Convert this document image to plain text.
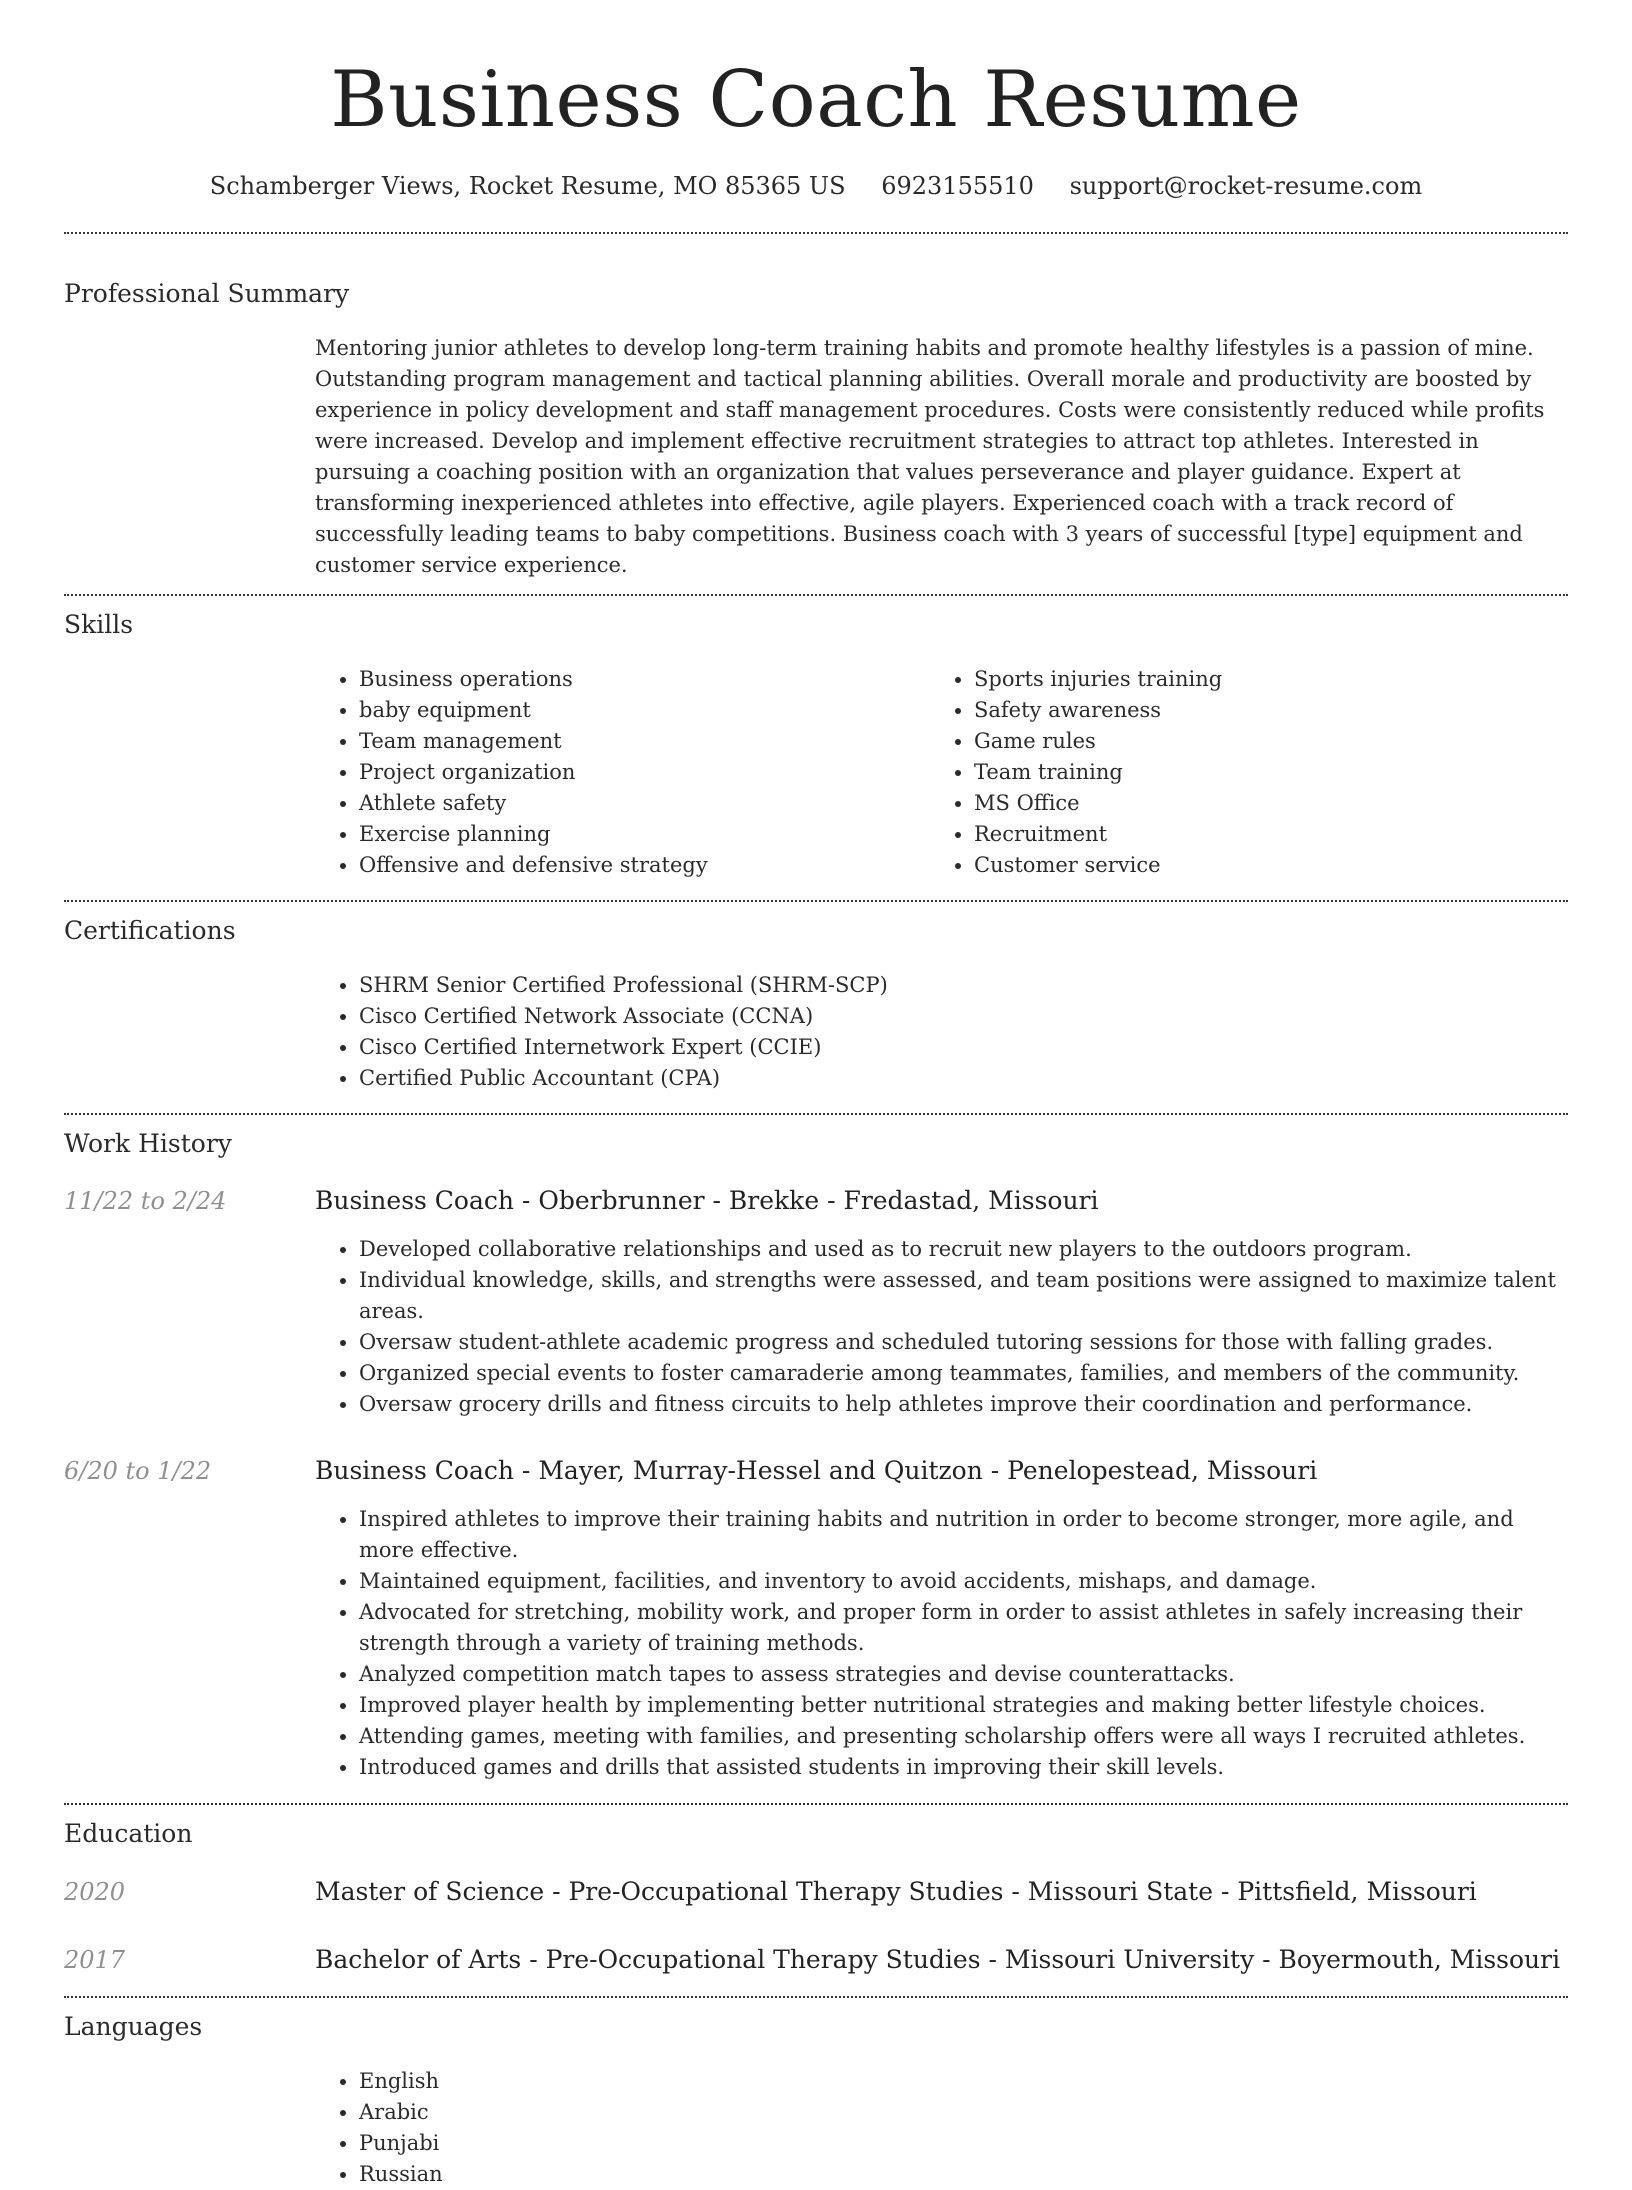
Business Coach Resume
Schamberger Views, Rocket Resume, MO 85365 US 6923155510 support@rocket-resume.com
Professional Summary

Mentoring junior athletes to develop long-term training habits and promote healthy lifestyles is a passion of mine. Outstanding program management and tactical planning abilities. Overall morale and productivity are boosted by experience in policy development and staff management procedures. Costs were consistently reduced while profits were increased. Develop and implement effective recruitment strategies to attract top athletes. Interested in pursuing a coaching position with an organization that values perseverance and player guidance. Expert at transforming inexperienced athletes into effective, agile players. Experienced coach with a track record of successfully leading teams to baby competitions. Business coach with 3 years of successful [type] equipment and customer service experience.

Skills
• Business operations
• baby equipment
• Team management
• Project organization
• Athlete safety
• Exercise planning
• Offensive and defensive strategy
• Sports injuries training
• Safety awareness
• Game rules
• Team training
• MS Office
• Recruitment
• Customer service
Certifications
• SHRM Senior Certified Professional (SHRM-SCP)
• Cisco Certified Network Associate (CCNA)
• Cisco Certified Internetwork Expert (CCIE)
• Certified Public Accountant (CPA)
Work History
11/22 to 2/24	Business Coach - Oberbrunner - Brekke - Fredastad, Missouri
• Developed collaborative relationships and used as to recruit new players to the outdoors program.
• Individual knowledge, skills, and strengths were assessed, and team positions were assigned to maximize talent areas.
• Oversaw student-athlete academic progress and scheduled tutoring sessions for those with falling grades.
• Organized special events to foster camaraderie among teammates, families, and members of the community.
• Oversaw grocery drills and fitness circuits to help athletes improve their coordination and performance.
6/20 to 1/22	Business Coach - Mayer, Murray-Hessel and Quitzon - Penelopestead, Missouri
• Inspired athletes to improve their training habits and nutrition in order to become stronger, more agile, and more effective.
• Maintained equipment, facilities, and inventory to avoid accidents, mishaps, and damage.
• Advocated for stretching, mobility work, and proper form in order to assist athletes in safely increasing their strength through a variety of training methods.
• Analyzed competition match tapes to assess strategies and devise counterattacks.
• Improved player health by implementing better nutritional strategies and making better lifestyle choices.
• Attending games, meeting with families, and presenting scholarship offers were all ways I recruited athletes.
• Introduced games and drills that assisted students in improving their skill levels.
Education
2020	Master of Science - Pre-Occupational Therapy Studies - Missouri State - Pittsfield, Missouri
2017	Bachelor of Arts - Pre-Occupational Therapy Studies - Missouri University - Boyermouth, Missouri
Languages
• English
• Arabic
• Punjabi
• Russian
